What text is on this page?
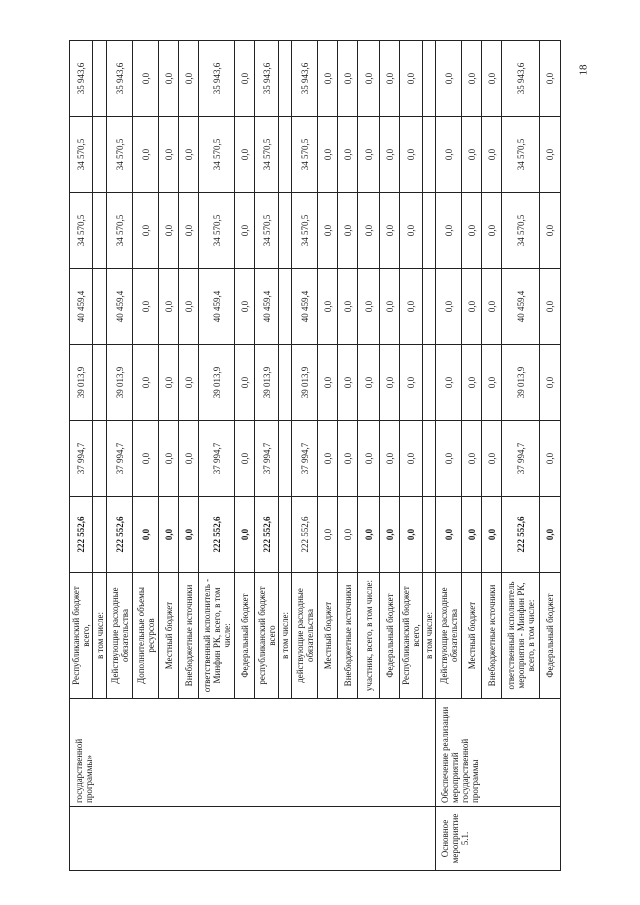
	государственной программы»	Республиканский бюджет всего,	222 552,6	37 994,7	39 013,9	40 459,4	34 570,5	34 570,5	35 943,6
		в том числе:							
		Действующие расходные обязательства	222 552,6	37 994,7	39 013,9	40 459,4	34 570,5	34 570,5	35 943,6
		Дополнительные объемы ресурсов	0,0	0,0	0,0	0,0	0,0	0,0	0,0
		Местный бюджет	0,0	0,0	0,0	0,0	0,0	0,0	0,0
		Внебюджетные источники	0,0	0,0	0,0	0,0	0,0	0,0	0,0
		ответственный исполнитель - Минфин РК, всего, в том числе:	222 552,6	37 994,7	39 013,9	40 459,4	34 570,5	34 570,5	35 943,6
		Федеральный бюджет	0,0	0,0	0,0	0,0	0,0	0,0	0,0
		республиканский бюджет всего	222 552,6	37 994,7	39 013,9	40 459,4	34 570,5	34 570,5	35 943,6
		в том числе:							
		действующие расходные обязательства	222 552,6	37 994,7	39 013,9	40 459,4	34 570,5	34 570,5	35 943,6
		Местный бюджет	0,0	0,0	0,0	0,0	0,0	0,0	0,0
		Внебюджетные источники	0,0	0,0	0,0	0,0	0,0	0,0	0,0
		участник, всего, в том числе:	0,0	0,0	0,0	0,0	0,0	0,0	0,0
		Федеральный бюджет	0,0	0,0	0,0	0,0	0,0	0,0	0,0
		Республиканский бюджет всего,	0,0	0,0	0,0	0,0	0,0	0,0	0,0
		в том числе:							
Основное мероприятие 5.1.	Обеспечение реализации мероприятий государственной программы	Действующие расходные обязательства	0,0	0,0	0,0	0,0	0,0	0,0	0,0
		Местный бюджет	0,0	0,0	0,0	0,0	0,0	0,0	0,0
		Внебюджетные источники	0,0	0,0	0,0	0,0	0,0	0,0	0,0
		ответственный исполнитель мероприятия - Минфин РК, всего, в том числе:	222 552,6	37 994,7	39 013,9	40 459,4	34 570,5	34 570,5	35 943,6
		Федеральный бюджет	0,0	0,0	0,0	0,0	0,0	0,0	0,0
18
